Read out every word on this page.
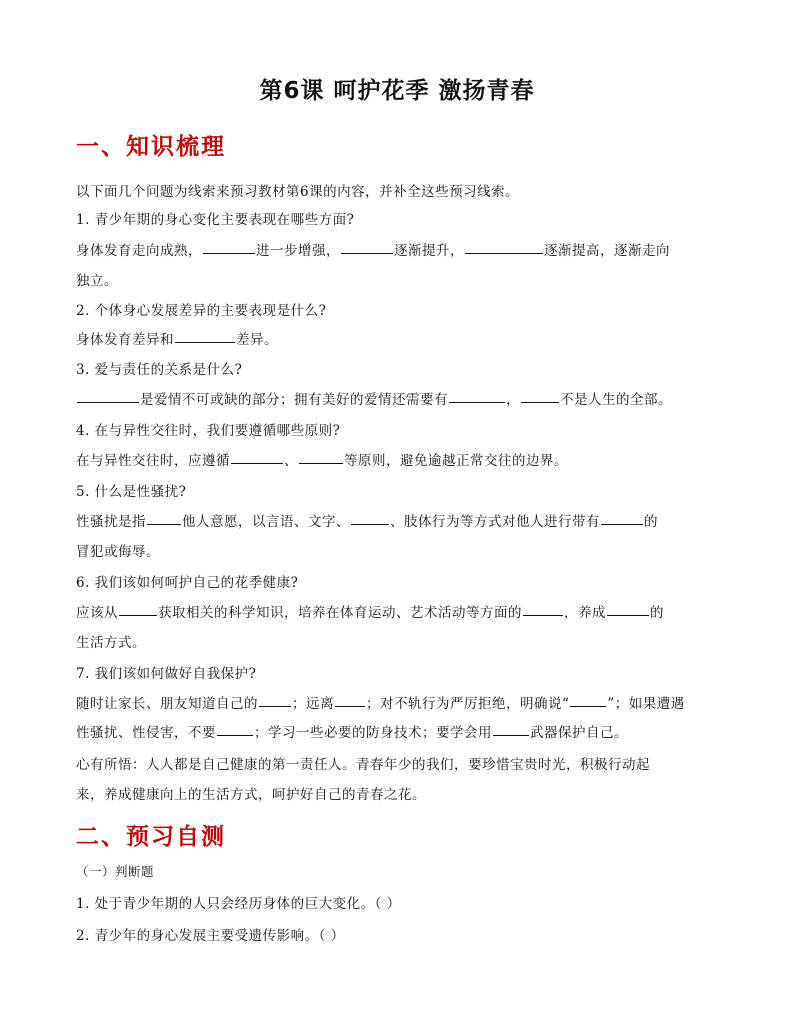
第6课 呵护花季 激扬青春
一、知识梳理
以下面几个问题为线索来预习教材第6课的内容，并补全这些预习线索。
1. 青少年期的身心变化主要表现在哪些方面?
身体发育走向成熟，	进一步增强，	逐渐提升，	逐渐提高，逐渐走向
独立。
2. 个体身心发展差异的主要表现是什么?
身体发育差异和	差异。
3. 爱与责任的关系是什么?
是爱情不可或缺的部分；拥有美好的爱情还需要有	，	不是人生的全部。
4. 在与异性交往时，我们要遵循哪些原则?
在与异性交往时，应遵循	、	等原则，避免逾越正常交往的边界。
5. 什么是性骚扰?
性骚扰是指	他人意愿，以言语、文字、	、肢体行为等方式对他人进行带有	的
冒犯或侮辱。
6. 我们该如何呵护自己的花季健康?
应该从	获取相关的科学知识，培养在体育运动、艺术活动等方面的	，养成	的
生活方式。
7. 我们该如何做好自我保护?
随时让家长、朋友知道自己的	；远离 ；对不轨行为严厉拒绝，明确说“	”；如果遭遇
性骚扰、性侵害，不要	；学习一些必要的防身技术；要学会用	武器保护自己。
心有所悟：人人都是自己健康的第一责任人。青春年少的我们，要珍惜宝贵时光，积极行动起
来，养成健康向上的生活方式，呵护好自己的青春之花。
二、预习自测
（一）判断题
1. 处于青少年期的人只会经历身体的巨大变化。（ ）
2. 青少年的身心发展主要受遗传影响。（ ）
